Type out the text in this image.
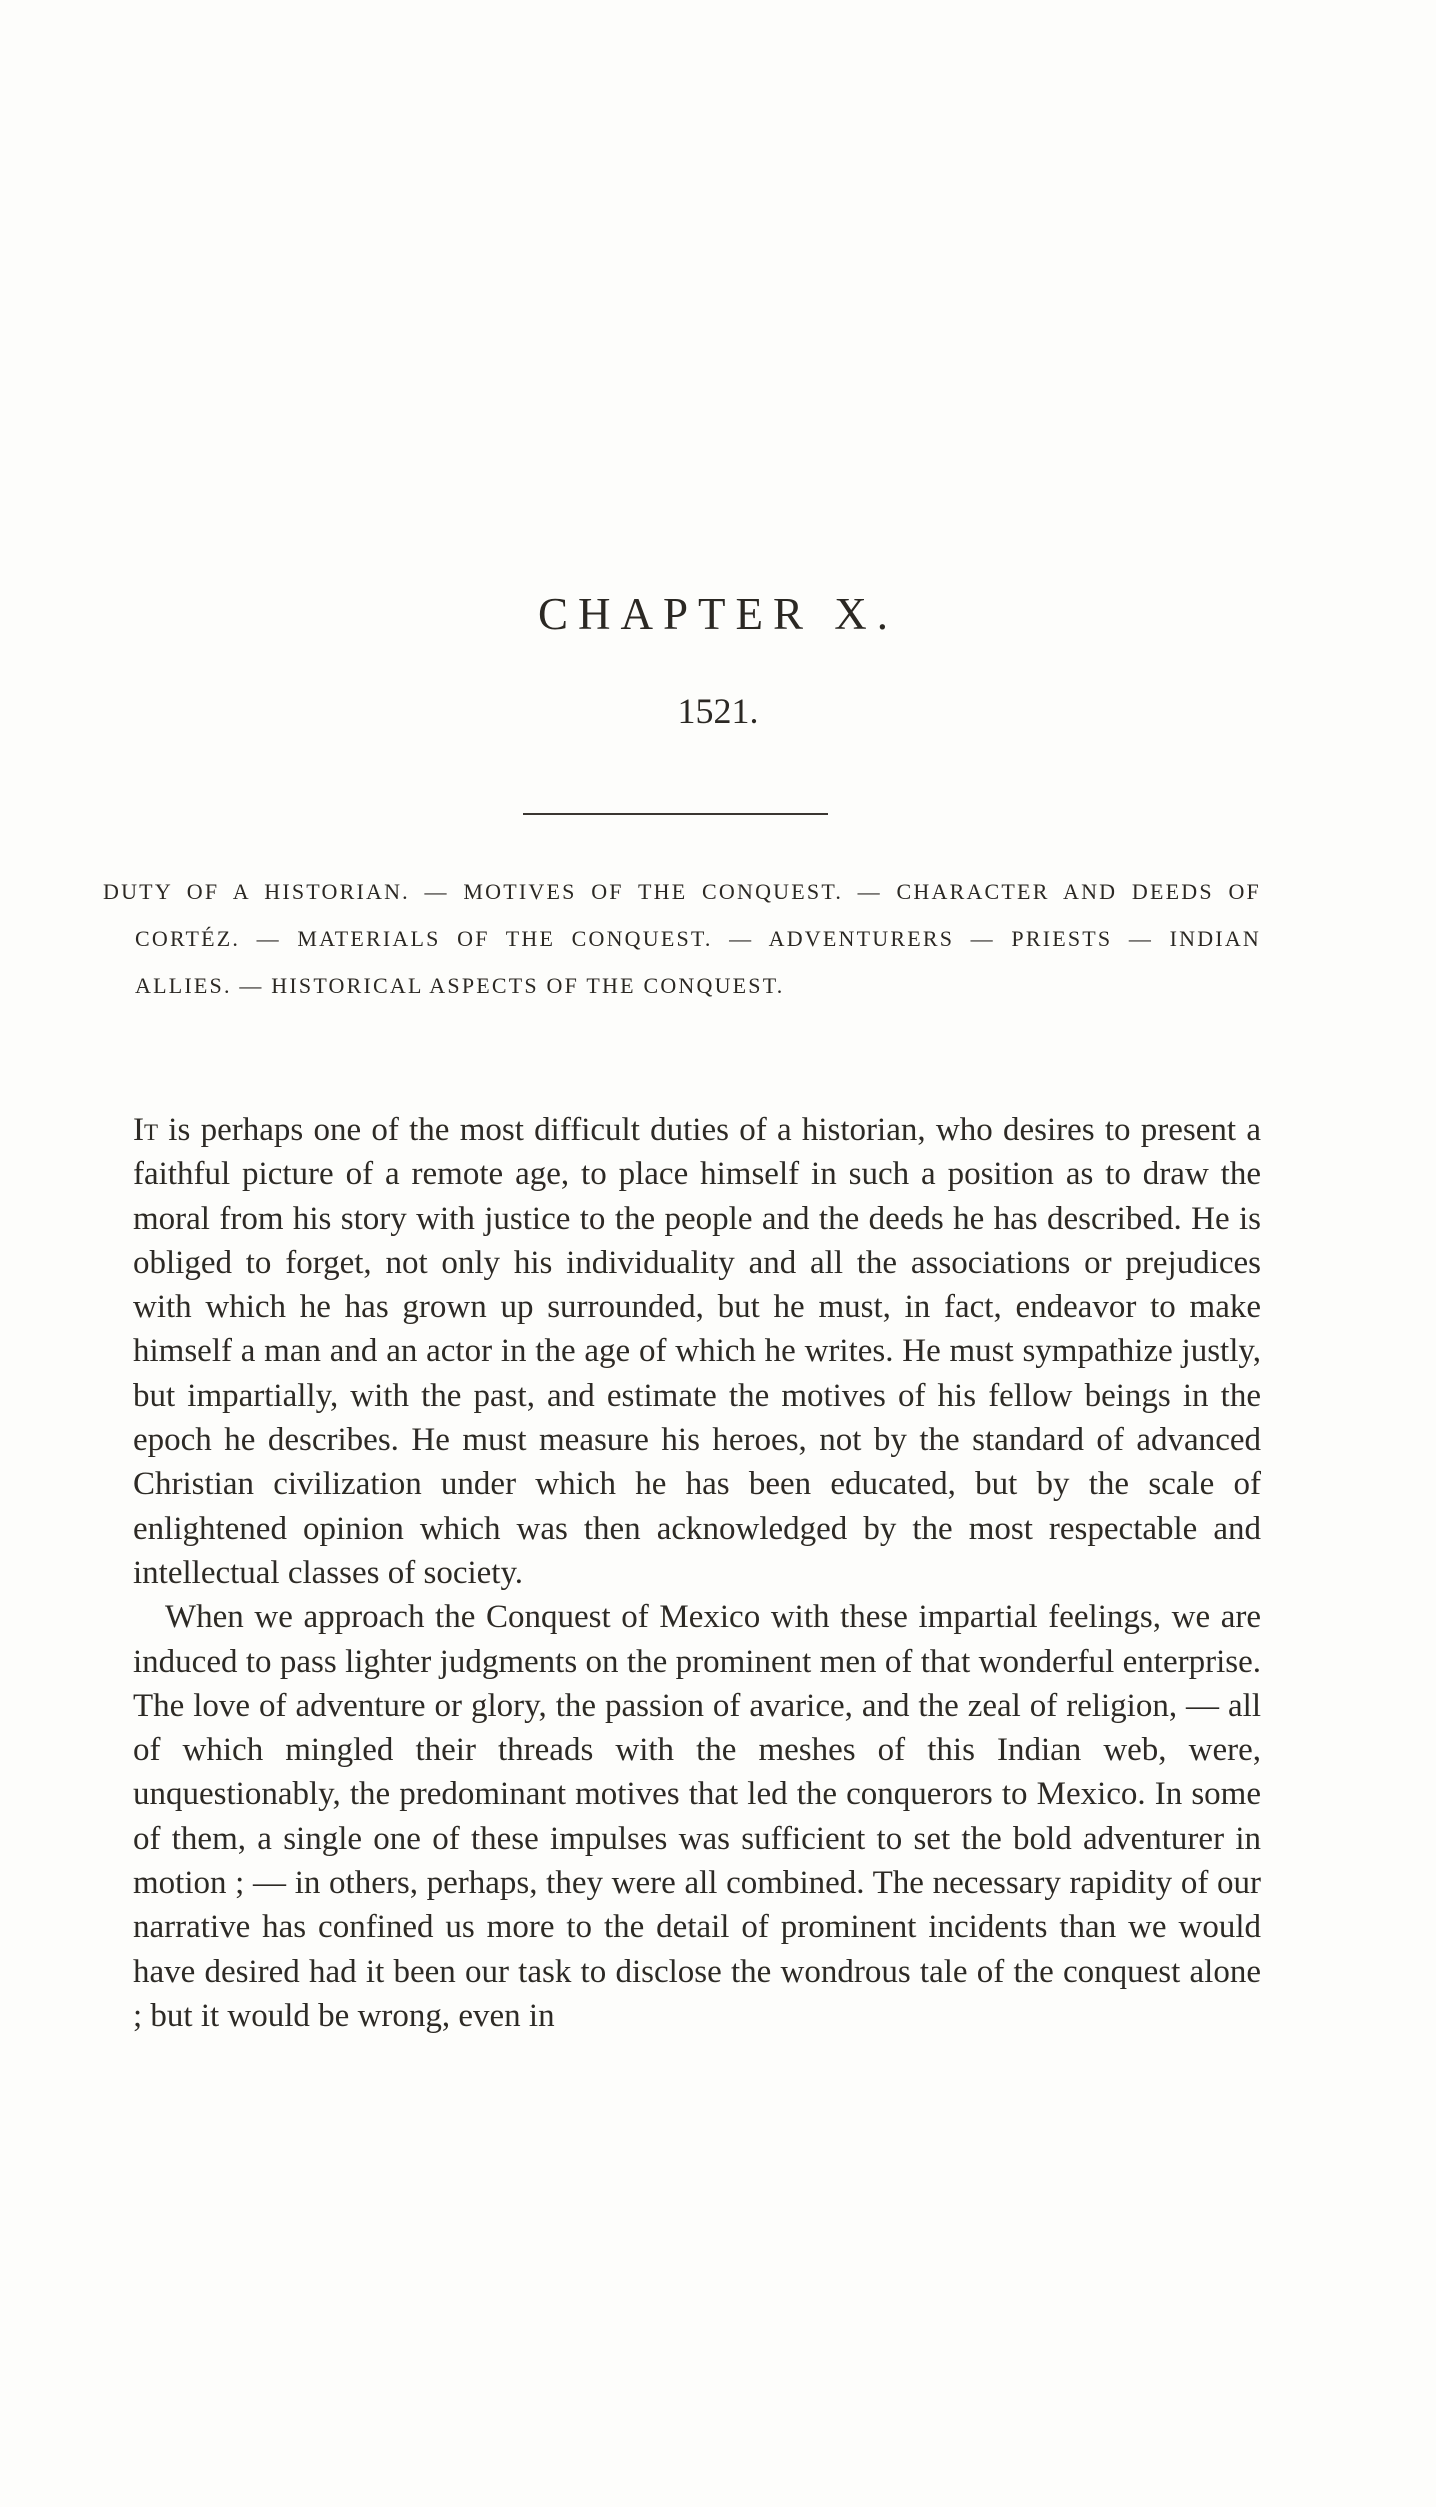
CHAPTER X.
1521.
DUTY OF A HISTORIAN. — MOTIVES OF THE CONQUEST. — CHARACTER AND DEEDS OF CORTÉZ. — MATERIALS OF THE CONQUEST. — ADVENTURERS — PRIESTS — INDIAN ALLIES. — HISTORICAL ASPECTS OF THE CONQUEST.

It is perhaps one of the most difficult duties of a historian, who desires to present a faithful picture of a remote age, to place himself in such a position as to draw the moral from his story with justice to the people and the deeds he has described. He is obliged to forget, not only his individuality and all the associations or prejudices with which he has grown up surrounded, but he must, in fact, endeavor to make himself a man and an actor in the age of which he writes. He must sympathize justly, but impartially, with the past, and estimate the motives of his fellow beings in the epoch he describes. He must measure his heroes, not by the standard of advanced Christian civilization under which he has been educated, but by the scale of enlightened opinion which was then acknowledged by the most respectable and intellectual classes of society.

When we approach the Conquest of Mexico with these impartial feelings, we are induced to pass lighter judgments on the prominent men of that wonderful enterprise. The love of adventure or glory, the passion of avarice, and the zeal of religion, — all of which mingled their threads with the meshes of this Indian web, were, unquestionably, the predominant motives that led the conquerors to Mexico. In some of them, a single one of these impulses was sufficient to set the bold adventurer in motion ; — in others, perhaps, they were all combined. The necessary rapidity of our narrative has confined us more to the detail of prominent incidents than we would have desired had it been our task to disclose the wondrous tale of the conquest alone ; but it would be wrong, even in
